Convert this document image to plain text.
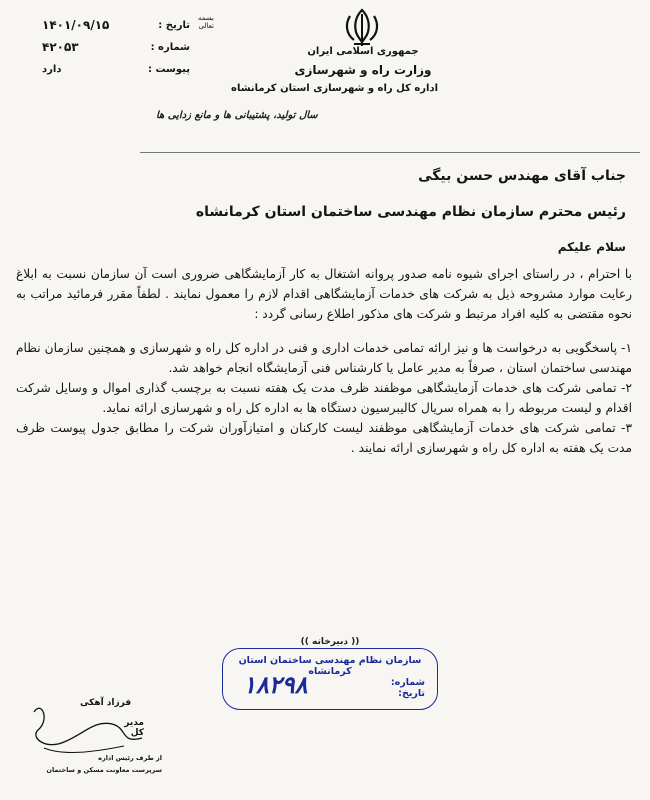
جمهوری اسلامی ایران
وزارت راه و شهرسازی
اداره کل راه و شهرسازی استان کرمانشاه
بسمه تعالی
تاریخ :
۱۴۰۱/۰۹/۱۵
شماره :
۴۲۰۵۳
پیوست :
دارد
سال تولید، پشتیبانی ها و مانع زدایی ها
جناب آقای مهندس حسن بیگی
رئیس محترم سازمان نظام مهندسی ساختمان استان کرمانشاه
سلام علیکم

با احترام ، در راستای اجرای شیوه نامه صدور پروانه اشتغال به کار آزمایشگاهی ضروری است آن سازمان نسبت به ابلاغ رعایت موارد مشروحه ذیل به شرکت های خدمات آزمایشگاهی اقدام لازم را معمول نمایند . لطفاً مقرر فرمائید مراتب به نحوه مقتضی به کلیه افراد مرتبط و شرکت های مذکور اطلاع رسانی گردد :

۱- پاسخگویی به درخواست ها و نیز ارائه تمامی خدمات اداری و فنی در اداره کل راه و شهرسازی و همچنین سازمان نظام مهندسی ساختمان استان ، صرفاً به مدیر عامل یا کارشناس فنی آزمایشگاه انجام خواهد شد.

۲- تمامی شرکت های خدمات آزمایشگاهی موظفند ظرف مدت یک هفته نسبت به برچسب گذاری اموال و وسایل شرکت اقدام و لیست مربوطه را به همراه سریال کالیبرسیون دستگاه ها به اداره کل راه و شهرسازی ارائه نماید.

۳- تمامی شرکت های خدمات آزمایشگاهی موظفند لیست کارکنان و امتیازآوران شرکت را مطابق جدول پیوست ظرف مدت یک هفته به اداره کل راه و شهرسازی ارائه نمایند .

(( دبیرخانه ))
سازمان نظام مهندسی ساختمان استان کرمانشاه
شماره:
تاریخ:
۱۸۲۹۸
فرزاد آهکی
مدیر کل
از طرف رئیس اداره
سرپرست معاونت مسکن و ساختمان
